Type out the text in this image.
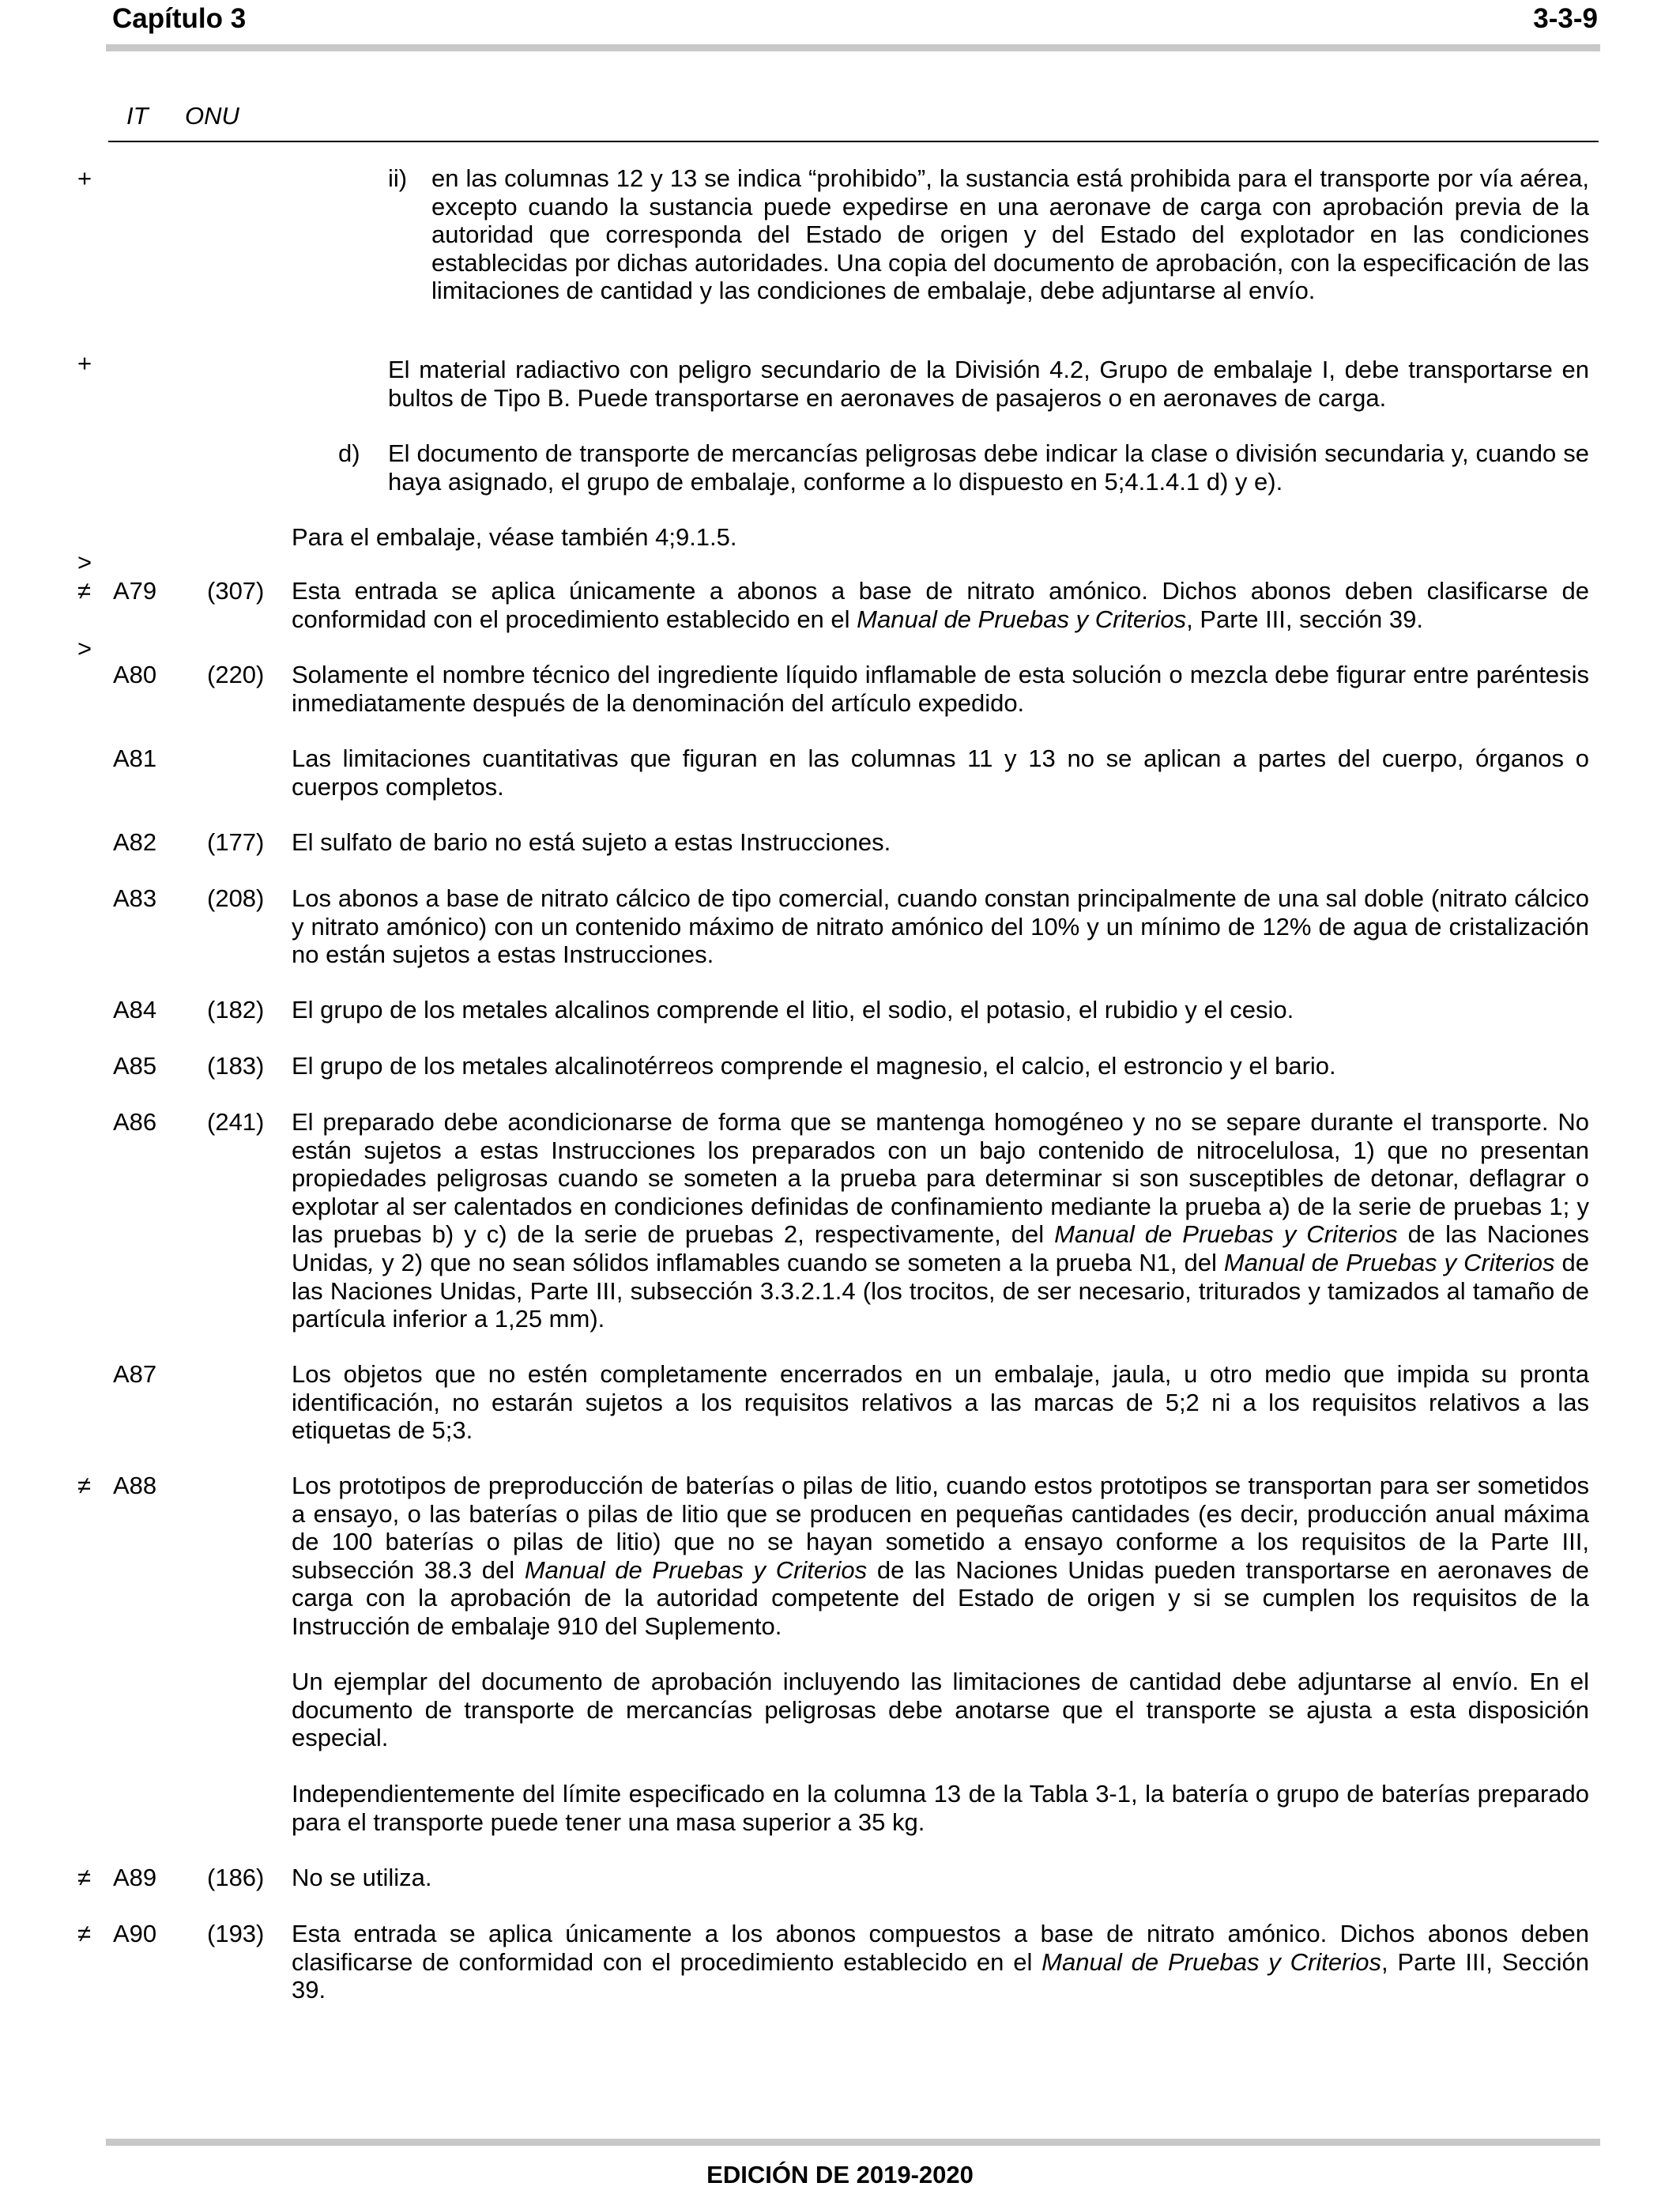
Capítulo 3	3-3-9
IT ONU
+	ii) en las columnas 12 y 13 se indica “prohibido”, la sustancia está prohibida para el transporte por vía aérea, excepto cuando la sustancia puede expedirse en una aeronave de carga con aprobación previa de la autoridad que corresponda del Estado de origen y del Estado del explotador en las condiciones establecidas por dichas autoridades. Una copia del documento de aprobación, con la especificación de las limitaciones de cantidad y las condiciones de embalaje, debe adjuntarse al envío.
+	El material radiactivo con peligro secundario de la División 4.2, Grupo de embalaje I, debe transportarse en bultos de Tipo B. Puede transportarse en aeronaves de pasajeros o en aeronaves de carga.
d) El documento de transporte de mercancías peligrosas debe indicar la clase o división secundaria y, cuando se haya asignado, el grupo de embalaje, conforme a lo dispuesto en 5;4.1.4.1 d) y e).
Para el embalaje, véase también 4;9.1.5.
>
≠ A79 (307) Esta entrada se aplica únicamente a abonos a base de nitrato amónico. Dichos abonos deben clasificarse de conformidad con el procedimiento establecido en el Manual de Pruebas y Criterios, Parte III, sección 39.
>
A80 (220) Solamente el nombre técnico del ingrediente líquido inflamable de esta solución o mezcla debe figurar entre paréntesis inmediatamente después de la denominación del artículo expedido.
A81	Las limitaciones cuantitativas que figuran en las columnas 11 y 13 no se aplican a partes del cuerpo, órganos o cuerpos completos.
A82 (177) El sulfato de bario no está sujeto a estas Instrucciones.
A83 (208) Los abonos a base de nitrato cálcico de tipo comercial, cuando constan principalmente de una sal doble (nitrato cálcico y nitrato amónico) con un contenido máximo de nitrato amónico del 10% y un mínimo de 12% de agua de cristalización no están sujetos a estas Instrucciones.
A84 (182) El grupo de los metales alcalinos comprende el litio, el sodio, el potasio, el rubidio y el cesio.
A85 (183) El grupo de los metales alcalinotérreos comprende el magnesio, el calcio, el estroncio y el bario.
A86 (241) El preparado debe acondicionarse de forma que se mantenga homogéneo y no se separe durante el transporte. No están sujetos a estas Instrucciones los preparados con un bajo contenido de nitrocelulosa, 1) que no presentan propiedades peligrosas cuando se someten a la prueba para determinar si son susceptibles de detonar, deflagrar o explotar al ser calentados en condiciones definidas de confinamiento mediante la prueba a) de la serie de pruebas 1; y las pruebas b) y c) de la serie de pruebas 2, respectivamente, del Manual de Pruebas y Criterios de las Naciones Unidas, y 2) que no sean sólidos inflamables cuando se someten a la prueba N1, del Manual de Pruebas y Criterios de las Naciones Unidas, Parte III, subsección 3.3.2.1.4 (los trocitos, de ser necesario, triturados y tamizados al tamaño de partícula inferior a 1,25 mm).
A87	Los objetos que no estén completamente encerrados en un embalaje, jaula, u otro medio que impida su pronta identificación, no estarán sujetos a los requisitos relativos a las marcas de 5;2 ni a los requisitos relativos a las etiquetas de 5;3.
≠ A88	Los prototipos de preproducción de baterías o pilas de litio, cuando estos prototipos se transportan para ser sometidos a ensayo, o las baterías o pilas de litio que se producen en pequeñas cantidades (es decir, producción anual máxima de 100 baterías o pilas de litio) que no se hayan sometido a ensayo conforme a los requisitos de la Parte III, subsección 38.3 del Manual de Pruebas y Criterios de las Naciones Unidas pueden transportarse en aeronaves de carga con la aprobación de la autoridad competente del Estado de origen y si se cumplen los requisitos de la Instrucción de embalaje 910 del Suplemento.
Un ejemplar del documento de aprobación incluyendo las limitaciones de cantidad debe adjuntarse al envío. En el documento de transporte de mercancías peligrosas debe anotarse que el transporte se ajusta a esta disposición especial.
Independientemente del límite especificado en la columna 13 de la Tabla 3-1, la batería o grupo de baterías preparado para el transporte puede tener una masa superior a 35 kg.
≠ A89 (186) No se utiliza.
≠ A90 (193) Esta entrada se aplica únicamente a los abonos compuestos a base de nitrato amónico. Dichos abonos deben clasificarse de conformidad con el procedimiento establecido en el Manual de Pruebas y Criterios, Parte III, Sección 39.
EDICIÓN DE 2019-2020
